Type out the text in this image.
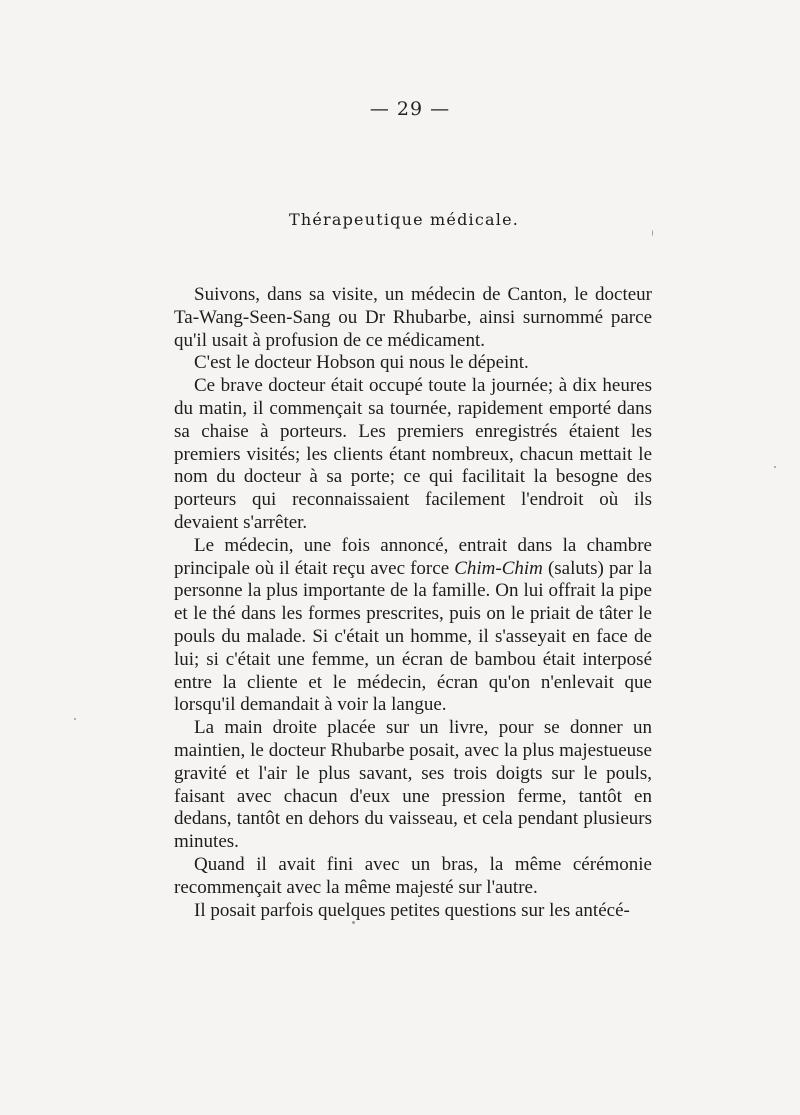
— 29 —
Thérapeutique médicale.

Suivons, dans sa visite, un médecin de Canton, le docteur Ta-Wang-Seen-Sang ou Dr Rhubarbe, ainsi surnommé parce qu'il usait à profusion de ce médicament.

C'est le docteur Hobson qui nous le dépeint.

Ce brave docteur était occupé toute la journée; à dix heures du matin, il commençait sa tournée, rapidement emporté dans sa chaise à porteurs. Les premiers enregistrés étaient les premiers visités; les clients étant nombreux, chacun mettait le nom du docteur à sa porte; ce qui facilitait la besogne des porteurs qui reconnaissaient facilement l'endroit où ils devaient s'arrêter.

Le médecin, une fois annoncé, entrait dans la chambre principale où il était reçu avec force Chim-Chim (saluts) par la personne la plus importante de la famille. On lui offrait la pipe et le thé dans les formes prescrites, puis on le priait de tâter le pouls du malade. Si c'était un homme, il s'asseyait en face de lui; si c'était une femme, un écran de bambou était interposé entre la cliente et le médecin, écran qu'on n'enlevait que lorsqu'il demandait à voir la langue.

La main droite placée sur un livre, pour se donner un maintien, le docteur Rhubarbe posait, avec la plus majestueuse gravité et l'air le plus savant, ses trois doigts sur le pouls, faisant avec chacun d'eux une pression ferme, tantôt en dedans, tantôt en dehors du vaisseau, et cela pendant plusieurs minutes.

Quand il avait fini avec un bras, la même cérémonie recommençait avec la même majesté sur l'autre.

Il posait parfois quelques petites questions sur les antécé-
